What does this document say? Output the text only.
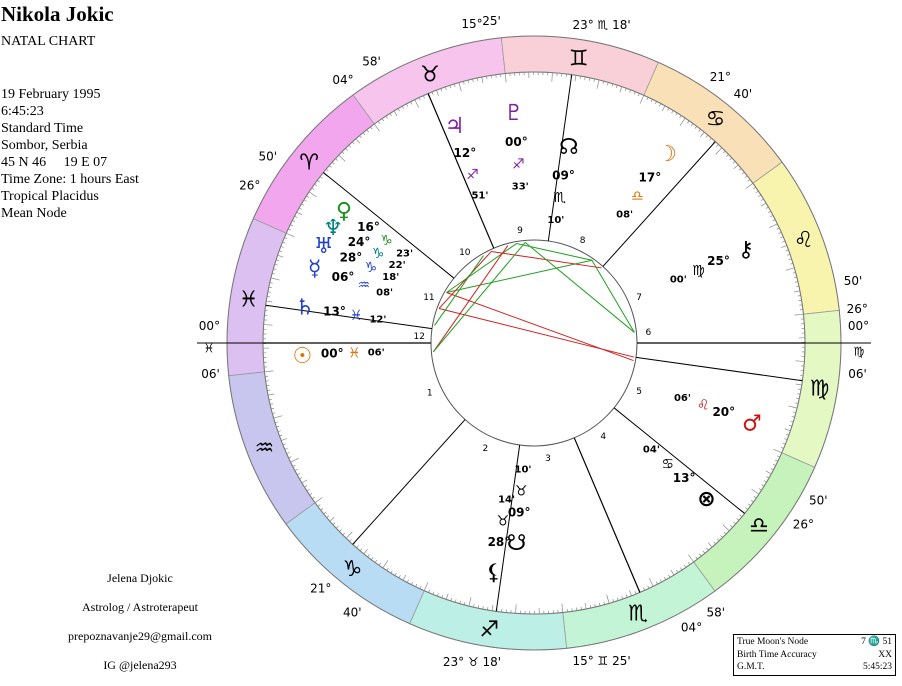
♈
♉
♊
♋
♌
♍
♎
♏
♐
♑
♒
♓
15° 25'	23° ♏ 18'
21°
40'
50'
26°
00°
♍
06'
50'
26°
58'
04°
15° ♊ 25'
23° ♉ 18'
40'
21°
06'
♓
00°
26°
50'
04°
58'
☉ 00° ♓ 06'
♄ 13° ♓ 12'
☿ 06°
♒ 08'
♅ 28°
♑
18'
♆
24°
♑
22'
♀
16°
♑
23'	⚷
25°
♍
00'
☽
17°
♎
08'
☊
09°
♏
10'
♇
00°
♐
33'
♃
12°
♐
51'
♂
20°
♌
06'
⊗
13°
♋
04'
☋
09°
♉
10'
⚸
28°
♉
14'
1
2
3
4
5
6
7
8
9
10
11
12
Nikola Jokic
NATAL CHART
19 February 1995
6:45:23
Standard Time
Sombor, Serbia
45 N 46     19 E 07
Time Zone: 1 hours East
Tropical Placidus
Mean Node
Jelena Djokic
Astrolog / Astroterapeut
prepoznavanje29@gmail.com
IG @jelena293
True Moon's Node	7 ♏ 51
Birth Time Accuracy	XX
G.M.T.	5:45:23
